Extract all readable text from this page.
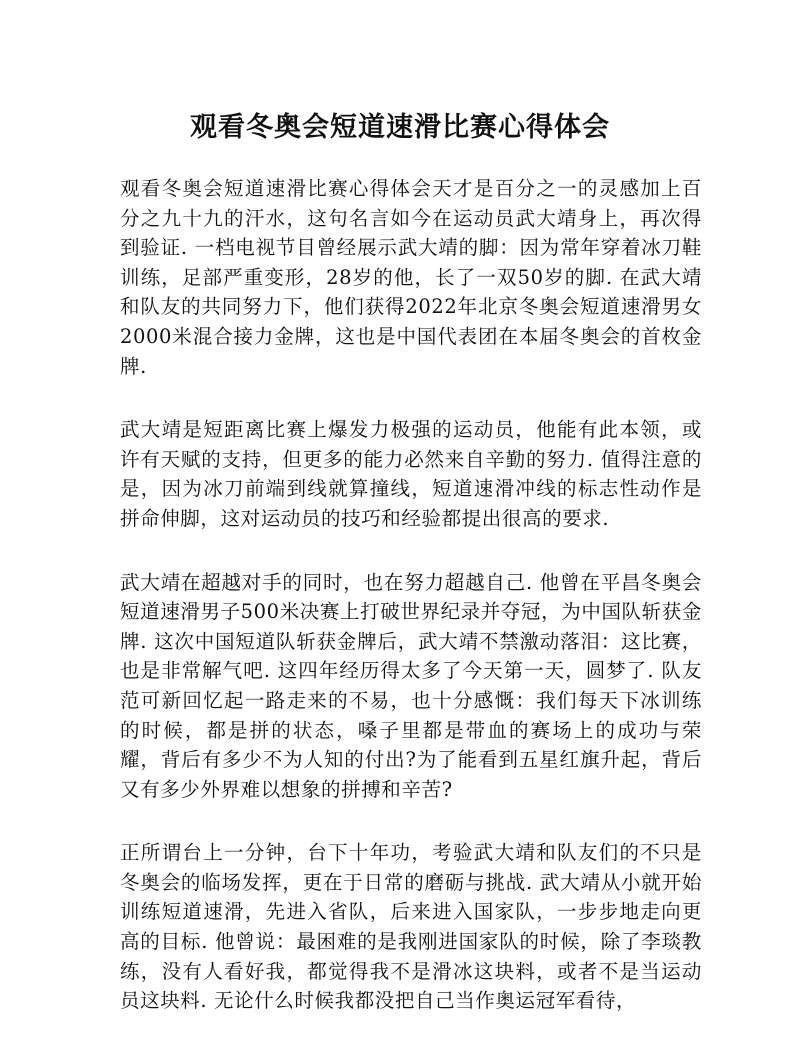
观看冬奥会短道速滑比赛心得体会

观看冬奥会短道速滑比赛心得体会天才是百分之一的灵感加上百分之九十九的汗水，这句名言如今在运动员武大靖身上，再次得到验证. 一档电视节目曾经展示武大靖的脚：因为常年穿着冰刀鞋训练，足部严重变形，28岁的他，长了一双50岁的脚. 在武大靖和队友的共同努力下，他们获得2022年北京冬奥会短道速滑男女2000米混合接力金牌，这也是中国代表团在本届冬奥会的首枚金牌.

武大靖是短距离比赛上爆发力极强的运动员，他能有此本领，或许有天赋的支持，但更多的能力必然来自辛勤的努力. 值得注意的是，因为冰刀前端到线就算撞线，短道速滑冲线的标志性动作是拼命伸脚，这对运动员的技巧和经验都提出很高的要求.

武大靖在超越对手的同时，也在努力超越自己. 他曾在平昌冬奥会短道速滑男子500米决赛上打破世界纪录并夺冠，为中国队斩获金牌. 这次中国短道队斩获金牌后，武大靖不禁激动落泪：这比赛，也是非常解气吧. 这四年经历得太多了今天第一天，圆梦了. 队友范可新回忆起一路走来的不易，也十分感慨：我们每天下冰训练的时候，都是拼的状态，嗓子里都是带血的赛场上的成功与荣耀，背后有多少不为人知的付出?为了能看到五星红旗升起，背后又有多少外界难以想象的拼搏和辛苦?

正所谓台上一分钟，台下十年功，考验武大靖和队友们的不只是冬奥会的临场发挥，更在于日常的磨砺与挑战. 武大靖从小就开始训练短道速滑，先进入省队，后来进入国家队，一步步地走向更高的目标. 他曾说：最困难的是我刚进国家队的时候，除了李琰教练，没有人看好我，都觉得我不是滑冰这块料，或者不是当运动员这块料. 无论什么时候我都没把自己当作奥运冠军看待，
